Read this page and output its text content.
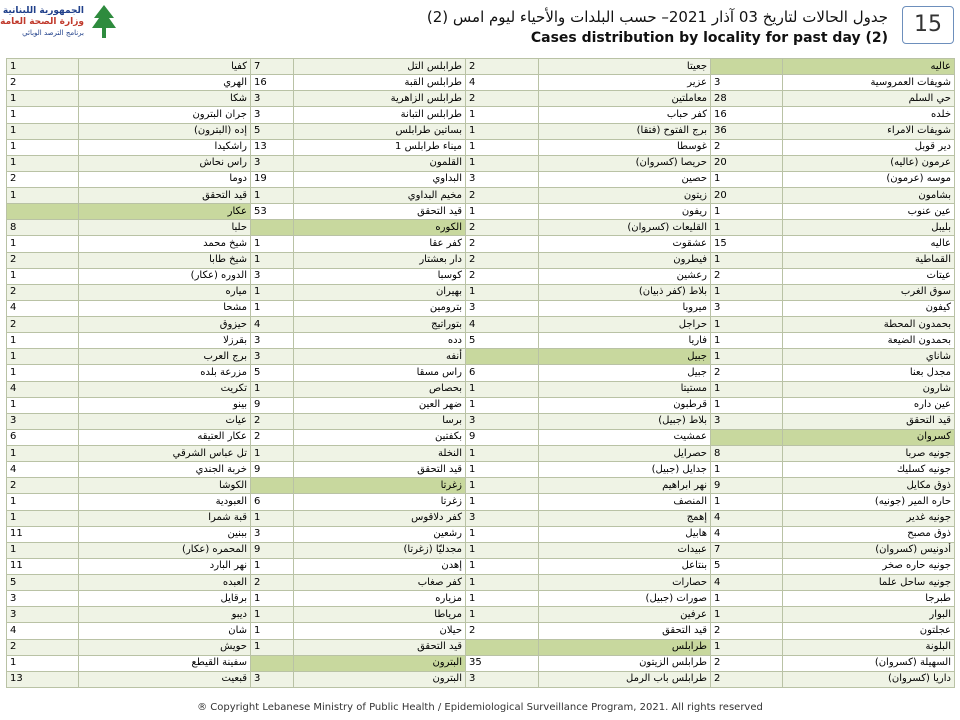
الجمهورية اللبنانية
وزارة الصحة العامة
برنامج الترصد الوبائي
جدول الحالات لتاريخ 03 آذار 2021– حسب البلدات والأحياء ليوم امس (2)
Cases distribution by locality for past day (2)
15
عاليه		جعيتا	2	طرابلس التل	7	كفيا	1
شويفات العمروسية	3	عزير	4	طرابلس القبة	16	الهري	2
حي السلم	28	معاملتين	2	طرابلس الزاهرية	3	شكا	1
خلده	16	كفر حباب	1	طرابلس التبانة	3	جران البترون	1
شويفات الامراء	36	برج الفتوح (فتقا)	1	بساتين طرابلس	5	إده (البترون)	1
دير قوبل	2	غوسطا	1	ميناء طرابلس 1	13	راشكيدا	1
عرمون (عاليه)	20	حريصا (كسروان)	1	القلمون	3	راس نحاش	1
موسه (عرمون)	1	حصين	3	البداوي	19	دوما	2
بشامون	20	زيتون	2	مخيم البداوي	1	قيد التحقق	1
عين عنوب	1	ريفون	1	قيد التحقق	53	عكار	
بليبل	1	القليعات (كسروان)	2	الكوره		حلبا	8
عاليه	15	عشقوت	2	كفر عقا	1	شيخ محمد	1
القماطية	1	فيطرون	2	دار بعشتار	1	شيخ طابا	2
عيتات	2	رعشين	2	كوسبا	3	الدوره (عكار)	1
سوق الغرب	1	بلاط (كفر ذبيان)	1	بهيران	1	مياره	2
كيفون	3	ميروبا	3	بترومين	1	مشحا	4
بحمدون المحطة	1	حراجل	4	بتوراتيج	4	حيزوق	2
بحمدون الضيعة	1	فاريا	5	دده	3	بقرزلا	1
شاناي	1	جبيل		أنفه	3	برج العرب	1
مجدل بعنا	2	جبيل	6	راس مسقا	5	مزرعة بلده	1
شارون	1	مستيتا	1	بحصاص	1	تكريت	4
عين داره	1	قرطبون	1	ضهر العين	9	بينو	1
قيد التحقق	3	بلاط (جبيل)	3	برسا	2	عيات	3
كسروان		عمشيت	9	بكفتين	2	عكار العتيقه	6
جونيه صربا	8	حصرايل	1	النخلة	1	تل عباس الشرقي	1
جونيه كسليك	1	جدايل (جبيل)	1	قيد التحقق	9	خربة الجندي	4
ذوق مكايل	9	نهر ابراهيم	1	زغرتا		الكوشا	2
حاره المير (جونيه)	1	المنصف	1	زغرتا	6	العبودية	1
جونيه غدير	4	إهمج	3	كفر دلاقوس	1	قبة شمرا	1
ذوق مصبح	4	هابيل	1	رشعين	3	ببنين	11
أدونيس (كسروان)	7	عبيدات	1	مجدليّا (زغرتا)	9	المحمره (عكار)	1
جونيه حاره صخر	5	بنتاعل	1	إهدن	1	نهر البارد	11
جونيه ساحل علما	4	حصارات	1	كفر صغاب	2	العبده	5
طبرجا	1	صورات (جبيل)	1	مزياره	1	برقايل	3
البوار	1	عرفين	1	مرياطا	1	ديبو	3
عجلتون	2	قيد التحقق	2	حيلان	1	شان	4
البلونة	1	طرابلس		قيد التحقق	1	حويش	2
السهيلة (كسروان)	2	طرابلس الزيتون	35	البترون		سفينة القيطع	1
داريا (كسروان)	2	طرابلس باب الرمل	3	البترون	3	قبعيت	13
® Copyright Lebanese Ministry of Public Health / Epidemiological Surveillance Program, 2021. All rights reserved
